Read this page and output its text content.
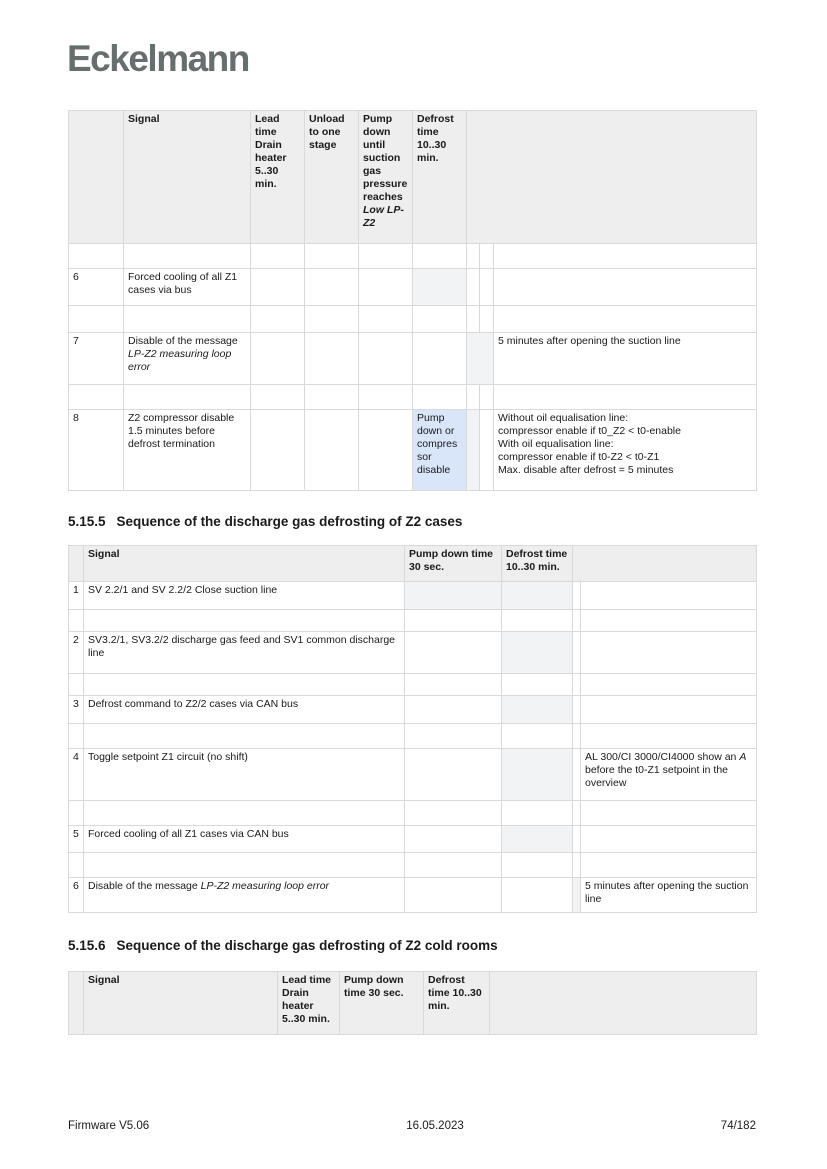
Eckelmann
	Signal	Lead time Drain heater 5..30 min.	Unload to one stage	Pump down until suction gas pressure reaches Low LP-Z2	Defrost time 10..30 min.			

6	Forced cooling of all Z1 cases via bus							

7	Disable of the message LP-Z2 measuring loop error							5 minutes after opening the suction line

8	Z2 compressor disable 1.5 minutes before defrost termination				Pump down or compressor disable			Without oil equalisation line:
compressor enable if t0_Z2 < t0-enable
With oil equalisation line:
compressor enable if t0-Z2 < t0-Z1
Max. disable after defrost = 5 minutes
5.15.5 Sequence of the discharge gas defrosting of Z2 cases
	Signal	Pump down time 30 sec.	Defrost time 10..30 min.		
1	SV 2.2/1 and SV 2.2/2 Close suction line				

2	SV3.2/1, SV3.2/2 discharge gas feed and SV1 common discharge line				

3	Defrost command to Z2/2 cases via CAN bus				

4	Toggle setpoint Z1 circuit (no shift)				AL 300/CI 3000/CI4000 show an A before the t0-Z1 setpoint in the overview

5	Forced cooling of all Z1 cases via CAN bus				

6	Disable of the message LP-Z2 measuring loop error				5 minutes after opening the suction line
5.15.6 Sequence of the discharge gas defrosting of Z2 cold rooms
	Signal	Lead time Drain heater 5..30 min.	Pump down time 30 sec.	Defrost time 10..30 min.	
Firmware V5.06	16.05.2023	74/182
